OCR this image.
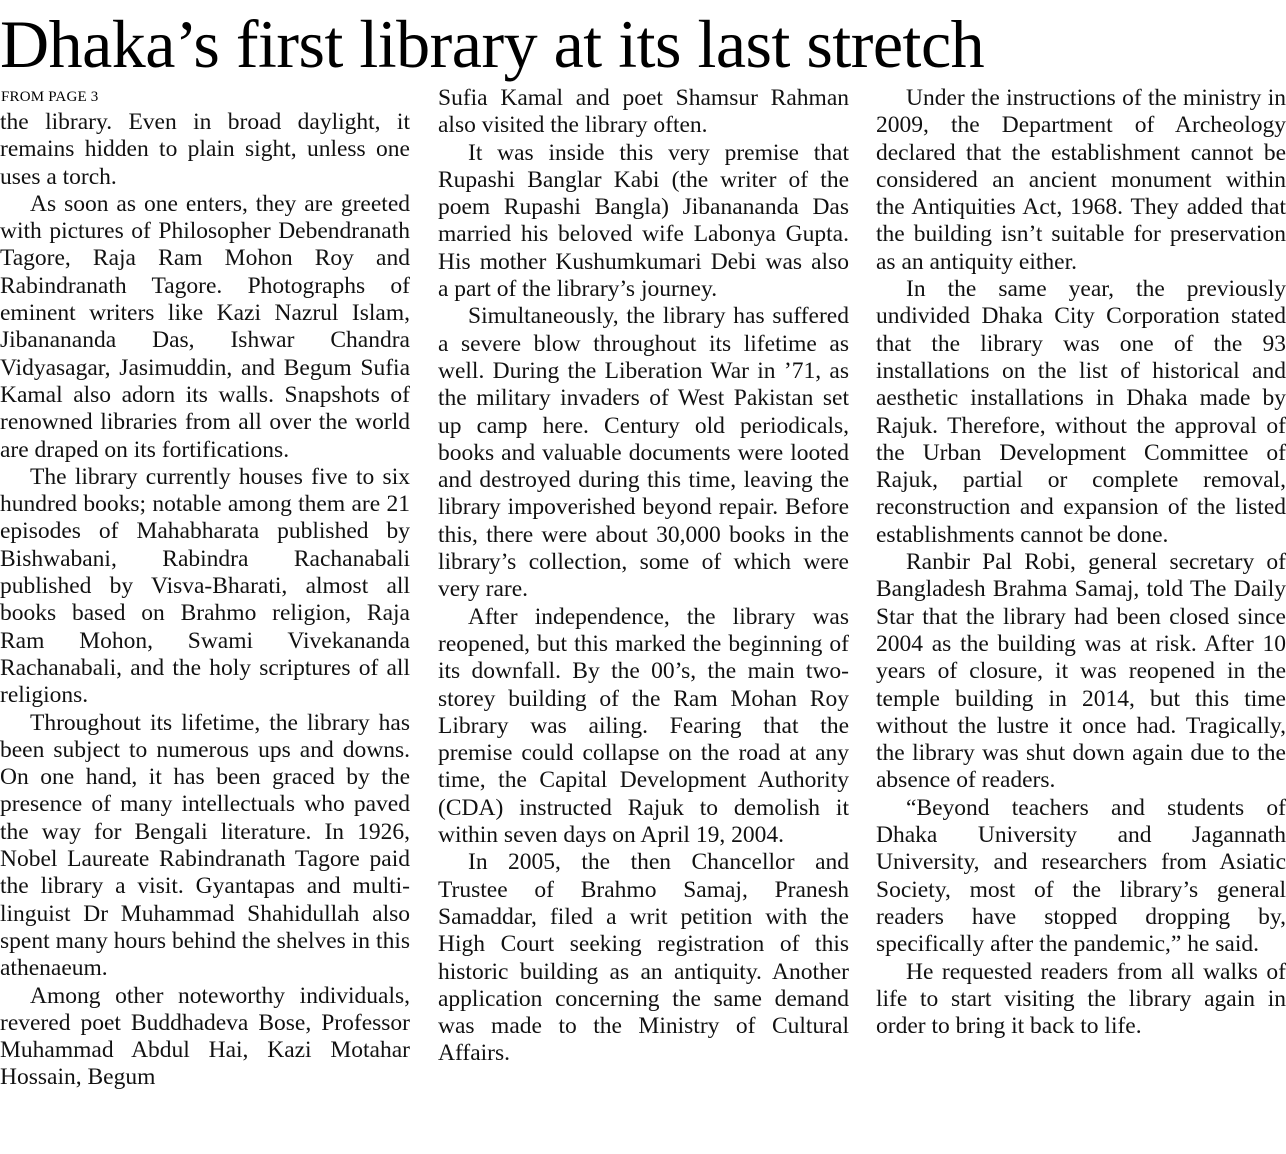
Dhaka’s first library at its last stretch
FROM PAGE 3

the library. Even in broad daylight, it remains hidden to plain sight, unless one uses a torch.

As soon as one enters, they are greeted with pictures of Philosopher Debendranath Tagore, Raja Ram Mohon Roy and Rabindranath Tagore. Photographs of eminent writers like Kazi Nazrul Islam, Jibanananda Das, Ishwar Chandra Vidyasagar, Jasimuddin, and Begum Sufia Kamal also adorn its walls. Snapshots of renowned libraries from all over the world are draped on its fortifications.

The library currently houses five to six hundred books; notable among them are 21 episodes of Mahabharata published by Bishwabani, Rabindra Rachanabali published by Visva-Bharati, almost all books based on Brahmo religion, Raja Ram Mohon, Swami Vivekananda Rachanabali, and the holy scriptures of all religions.

Throughout its lifetime, the library has been subject to numerous ups and downs. On one hand, it has been graced by the presence of many intellectuals who paved the way for Bengali literature. In 1926, Nobel Laureate Rabindranath Tagore paid the library a visit. Gyantapas and multi-linguist Dr Muhammad Shahidullah also spent many hours behind the shelves in this athenaeum.

Among other noteworthy individuals, revered poet Buddhadeva Bose, Professor Muhammad Abdul Hai, Kazi Motahar Hossain, Begum

Sufia Kamal and poet Shamsur Rahman also visited the library often.

It was inside this very premise that Rupashi Banglar Kabi (the writer of the poem Rupashi Bangla) Jibanananda Das married his beloved wife Labonya Gupta. His mother Kushumkumari Debi was also a part of the library’s journey.

Simultaneously, the library has suffered a severe blow throughout its lifetime as well. During the Liberation War in ’71, as the military invaders of West Pakistan set up camp here. Century old periodicals, books and valuable documents were looted and destroyed during this time, leaving the library impoverished beyond repair. Before this, there were about 30,000 books in the library’s collection, some of which were very rare.

After independence, the library was reopened, but this marked the beginning of its downfall. By the 00’s, the main two-storey building of the Ram Mohan Roy Library was ailing. Fearing that the premise could collapse on the road at any time, the Capital Development Authority (CDA) instructed Rajuk to demolish it within seven days on April 19, 2004.

In 2005, the then Chancellor and Trustee of Brahmo Samaj, Pranesh Samaddar, filed a writ petition with the High Court seeking registration of this historic building as an antiquity. Another application concerning the same demand was made to the Ministry of Cultural Affairs.

Under the instructions of the ministry in 2009, the Department of Archeology declared that the establishment cannot be considered an ancient monument within the Antiquities Act, 1968. They added that the building isn’t suitable for preservation as an antiquity either.

In the same year, the previously undivided Dhaka City Corporation stated that the library was one of the 93 installations on the list of historical and aesthetic installations in Dhaka made by Rajuk. Therefore, without the approval of the Urban Development Committee of Rajuk, partial or complete removal, reconstruction and expansion of the listed establishments cannot be done.

Ranbir Pal Robi, general secretary of Bangladesh Brahma Samaj, told The Daily Star that the library had been closed since 2004 as the building was at risk. After 10 years of closure, it was reopened in the temple building in 2014, but this time without the lustre it once had. Tragically, the library was shut down again due to the absence of readers.

“Beyond teachers and students of Dhaka University and Jagannath University, and researchers from Asiatic Society, most of the library’s general readers have stopped dropping by, specifically after the pandemic,” he said.

He requested readers from all walks of life to start visiting the library again in order to bring it back to life.
